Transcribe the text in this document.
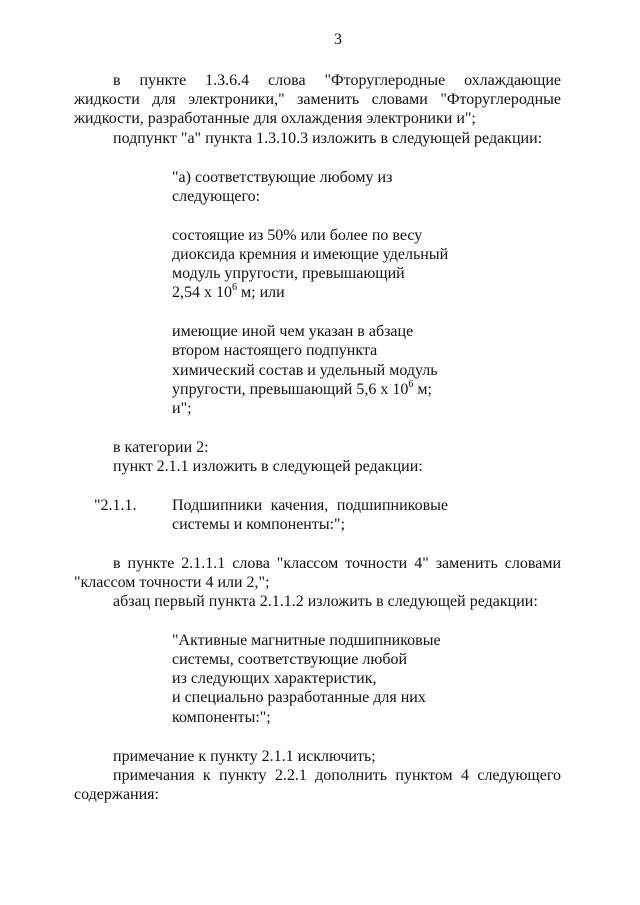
3
в пункте 1.3.6.4 слова "Фторуглеродные охлаждающие
жидкости для электроники," заменить словами "Фторуглеродные
жидкости, разработанные для охлаждения электроники и";
подпункт "а" пункта 1.3.10.3 изложить в следующей редакции:
"а) соответствующие любому из
следующего:
состоящие из 50% или более по весу
диоксида кремния и имеющие удельный
модуль упругости, превышающий
2,54 х $10^6$ м; или
имеющие иной чем указан в абзаце
втором настоящего подпункта
химический состав и удельный модуль
упругости, превышающий 5,6 х $10^6$ м;
и";
в категории 2:
пункт 2.1.1 изложить в следующей редакции:
"2.1.1. Подшипники качения, подшипниковые
системы и компоненты:";
в пункте 2.1.1.1 слова "классом точности 4" заменить словами
"классом точности 4 или 2,";
абзац первый пункта 2.1.1.2 изложить в следующей редакции:
"Активные магнитные подшипниковые
системы, соответствующие любой
из следующих характеристик,
и специально разработанные для них
компоненты:";
примечание к пункту 2.1.1 исключить;
примечания к пункту 2.2.1 дополнить пунктом 4 следующего
содержания:
